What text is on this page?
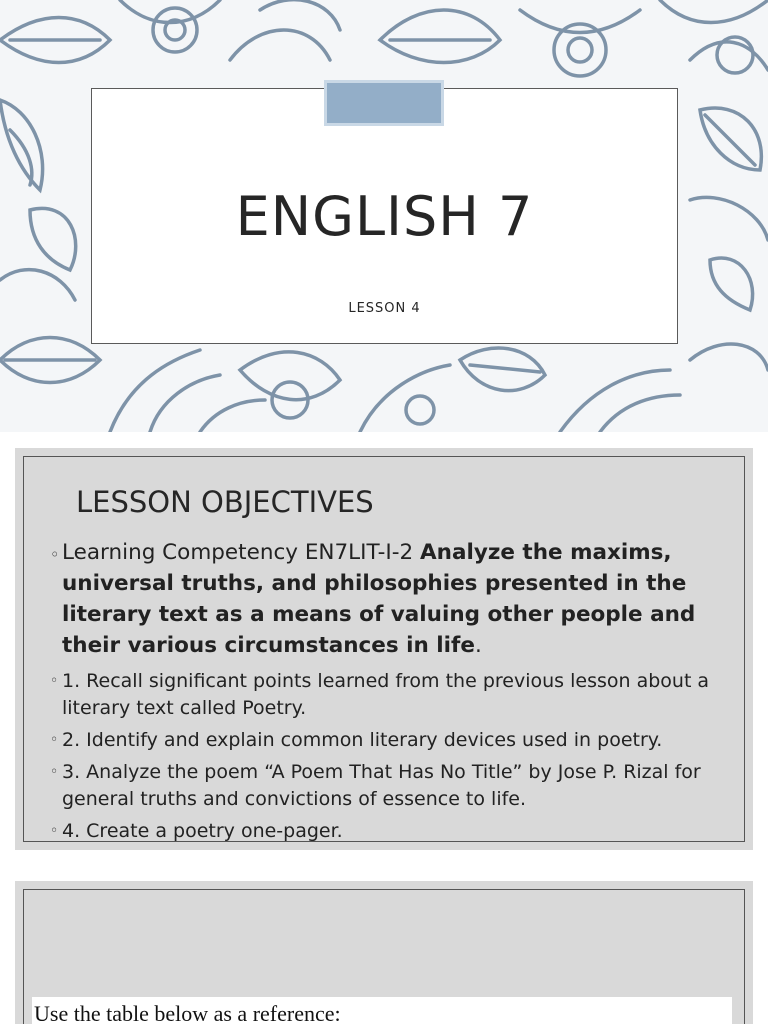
ENGLISH 7
LESSON 4
LESSON OBJECTIVES
◦ Learning Competency EN7LIT-I-2 Analyze the maxims, universal truths, and philosophies presented in the literary text as a means of valuing other people and their various circumstances in life.
◦ 1. Recall significant points learned from the previous lesson about a literary text called Poetry.
◦ 2. Identify and explain common literary devices used in poetry.
◦ 3. Analyze the poem “A Poem That Has No Title” by Jose P. Rizal for general truths and convictions of essence to life.
◦ 4. Create a poetry one-pager.
Use the table below as a reference:
